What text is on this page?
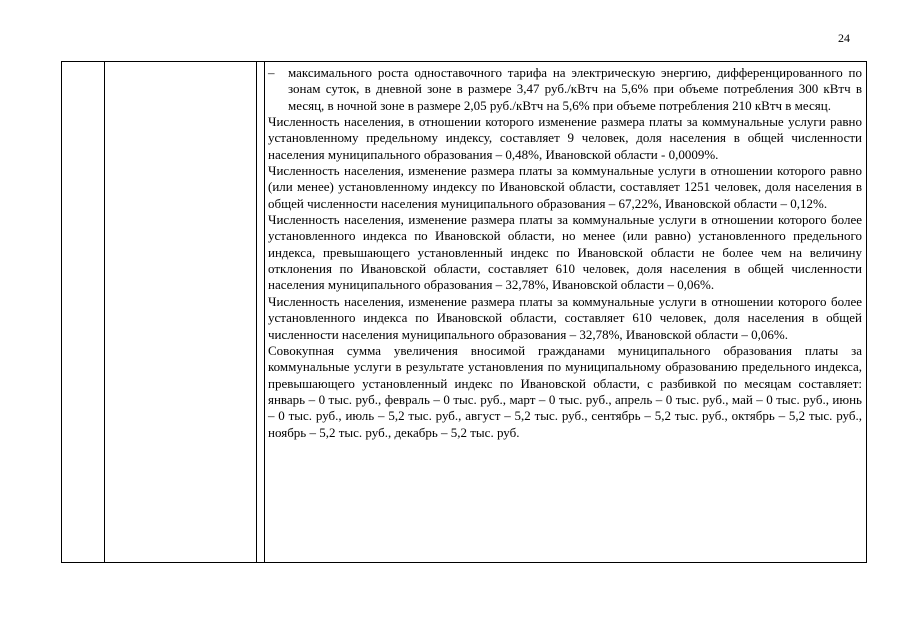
24

– максимального роста одноставочного тарифа на электрическую энергию, дифференцированного по зонам суток, в дневной зоне в размере 3,47 руб./кВтч на 5,6% при объеме потребления 300 кВтч в месяц, в ночной зоне в размере 2,05 руб./кВтч на 5,6% при объеме потребления 210 кВтч в месяц.

Численность населения, в отношении которого изменение размера платы за коммунальные услуги равно установленному предельному индексу, составляет 9 человек, доля населения в общей численности населения муниципального образования – 0,48%, Ивановской области - 0,0009%.

Численность населения, изменение размера платы за коммунальные услуги в отношении которого равно (или менее) установленному индексу по Ивановской области, составляет 1251 человек, доля населения в общей численности населения муниципального образования – 67,22%, Ивановской области – 0,12%.

Численность населения, изменение размера платы за коммунальные услуги в отношении которого более установленного индекса по Ивановской области, но менее (или равно) установленного предельного индекса, превышающего установленный индекс по Ивановской области не более чем на величину отклонения по Ивановской области, составляет 610 человек, доля населения в общей численности населения муниципального образования – 32,78%, Ивановской области – 0,06%.

Численность населения, изменение размера платы за коммунальные услуги в отношении которого более установленного индекса по Ивановской области, составляет 610 человек, доля населения в общей численности населения муниципального образования – 32,78%, Ивановской области – 0,06%.

Совокупная сумма увеличения вносимой гражданами муниципального образования платы за коммунальные услуги в результате установления по муниципальному образованию предельного индекса, превышающего установленный индекс по Ивановской области, с разбивкой по месяцам составляет: январь – 0 тыс. руб., февраль – 0 тыс. руб., март – 0 тыс. руб., апрель – 0 тыс. руб., май – 0 тыс. руб., июнь – 0 тыс. руб., июль – 5,2 тыс. руб., август – 5,2 тыс. руб., сентябрь – 5,2 тыс. руб., октябрь – 5,2 тыс. руб., ноябрь – 5,2 тыс. руб., декабрь – 5,2 тыс. руб.
